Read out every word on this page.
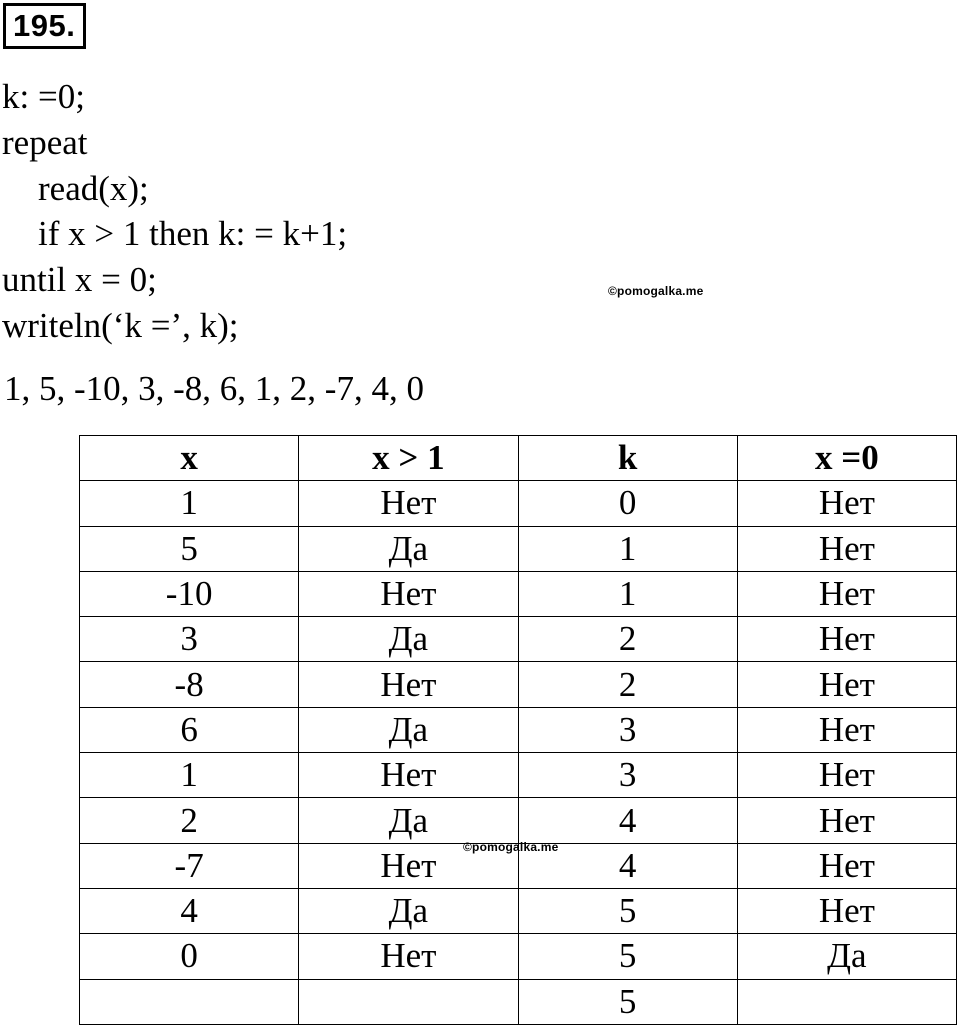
195.
k: =0;
repeat
read(x);
if x > 1 then k: = k+1;
until x = 0;
writeln(‘k =’, k);
©pomogalka.me
1, 5, -10, 3, -8, 6, 1, 2, -7, 4, 0
x	x > 1	k	x =0
1	Нет	0	Нет
5	Да	1	Нет
-10	Нет	1	Нет
3	Да	2	Нет
-8	Нет	2	Нет
6	Да	3	Нет
1	Нет	3	Нет
2	Да	4	Нет
-7	Нет	4	Нет
4	Да	5	Нет
0	Нет	5	Да
		5	
©pomogalka.me
